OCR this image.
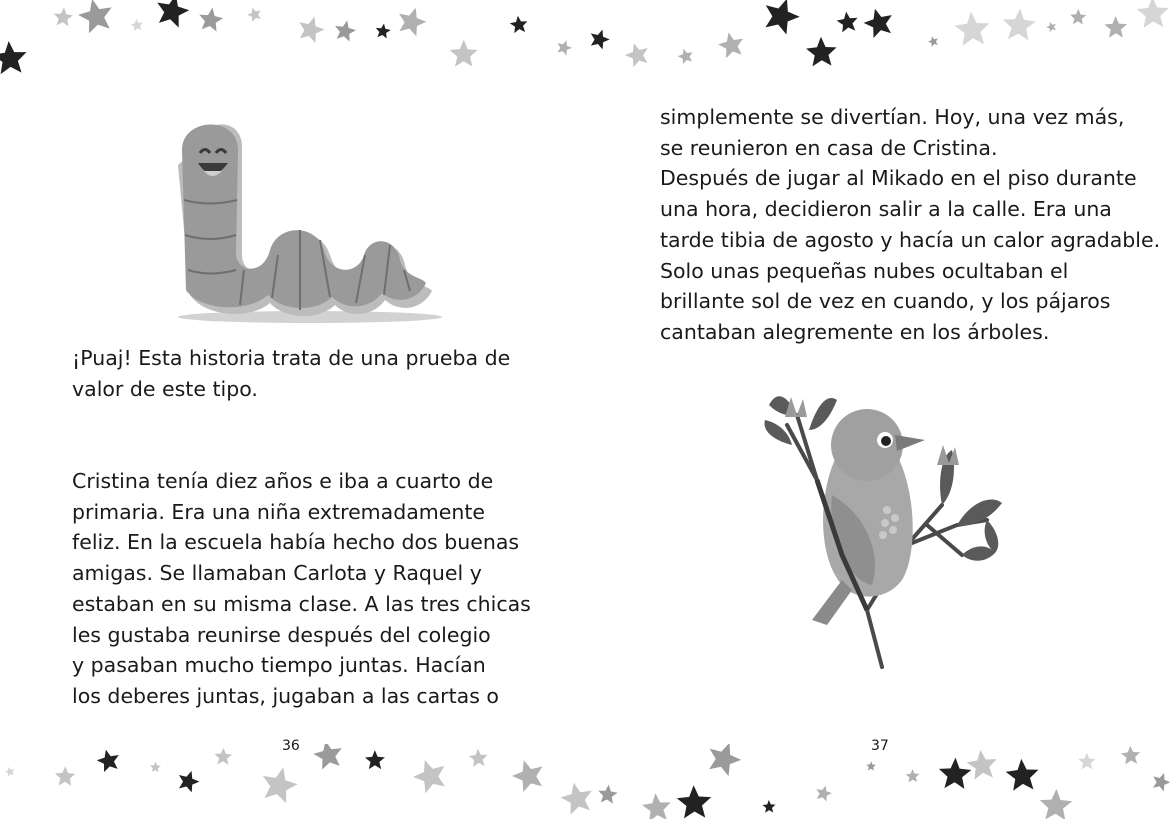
¡Puaj! Esta historia trata de una prueba de

valor de este tipo.

Cristina tenía diez años e iba a cuarto de

primaria. Era una niña extremadamente

feliz. En la escuela había hecho dos buenas

amigas. Se llamaban Carlota y Raquel y

estaban en su misma clase. A las tres chicas

les gustaba reunirse después del colegio

y pasaban mucho tiempo juntas. Hacían

los deberes juntas, jugaban a las cartas o

36

simplemente se divertían. Hoy, una vez más,

se reunieron en casa de Cristina.

Después de jugar al Mikado en el piso durante

una hora, decidieron salir a la calle. Era una

tarde tibia de agosto y hacía un calor agradable.

Solo unas pequeñas nubes ocultaban el

brillante sol de vez en cuando, y los pájaros

cantaban alegremente en los árboles.

37
